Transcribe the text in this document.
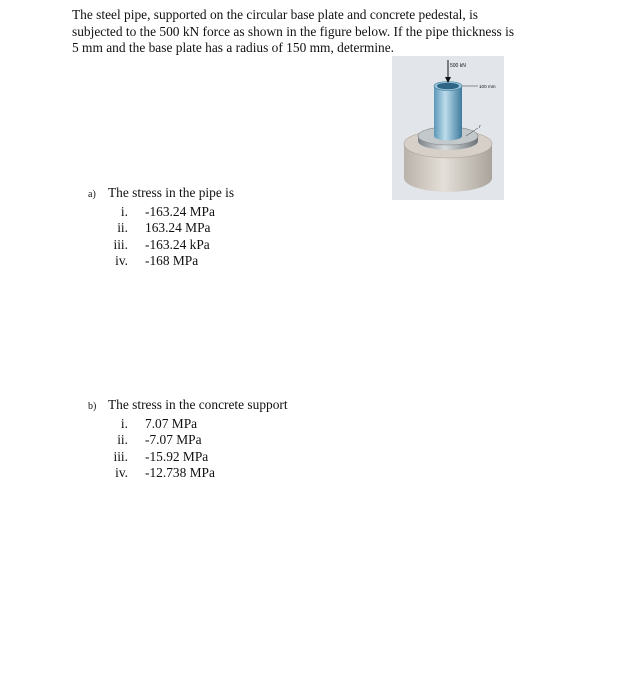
The steel pipe, supported on the circular base plate and concrete pedestal, is
subjected to the 500 kN force as shown in the figure below. If the pipe thickness is
5 mm and the base plate has a radius of 150 mm, determine.

500 kN
100 mm
r
a) The stress in the pipe is
i. -163.24 MPa
ii. 163.24 MPa
iii. -163.24 kPa
iv. -168 MPa
b) The stress in the concrete support
i. 7.07 MPa
ii. -7.07 MPa
iii. -15.92 MPa
iv. -12.738 MPa
